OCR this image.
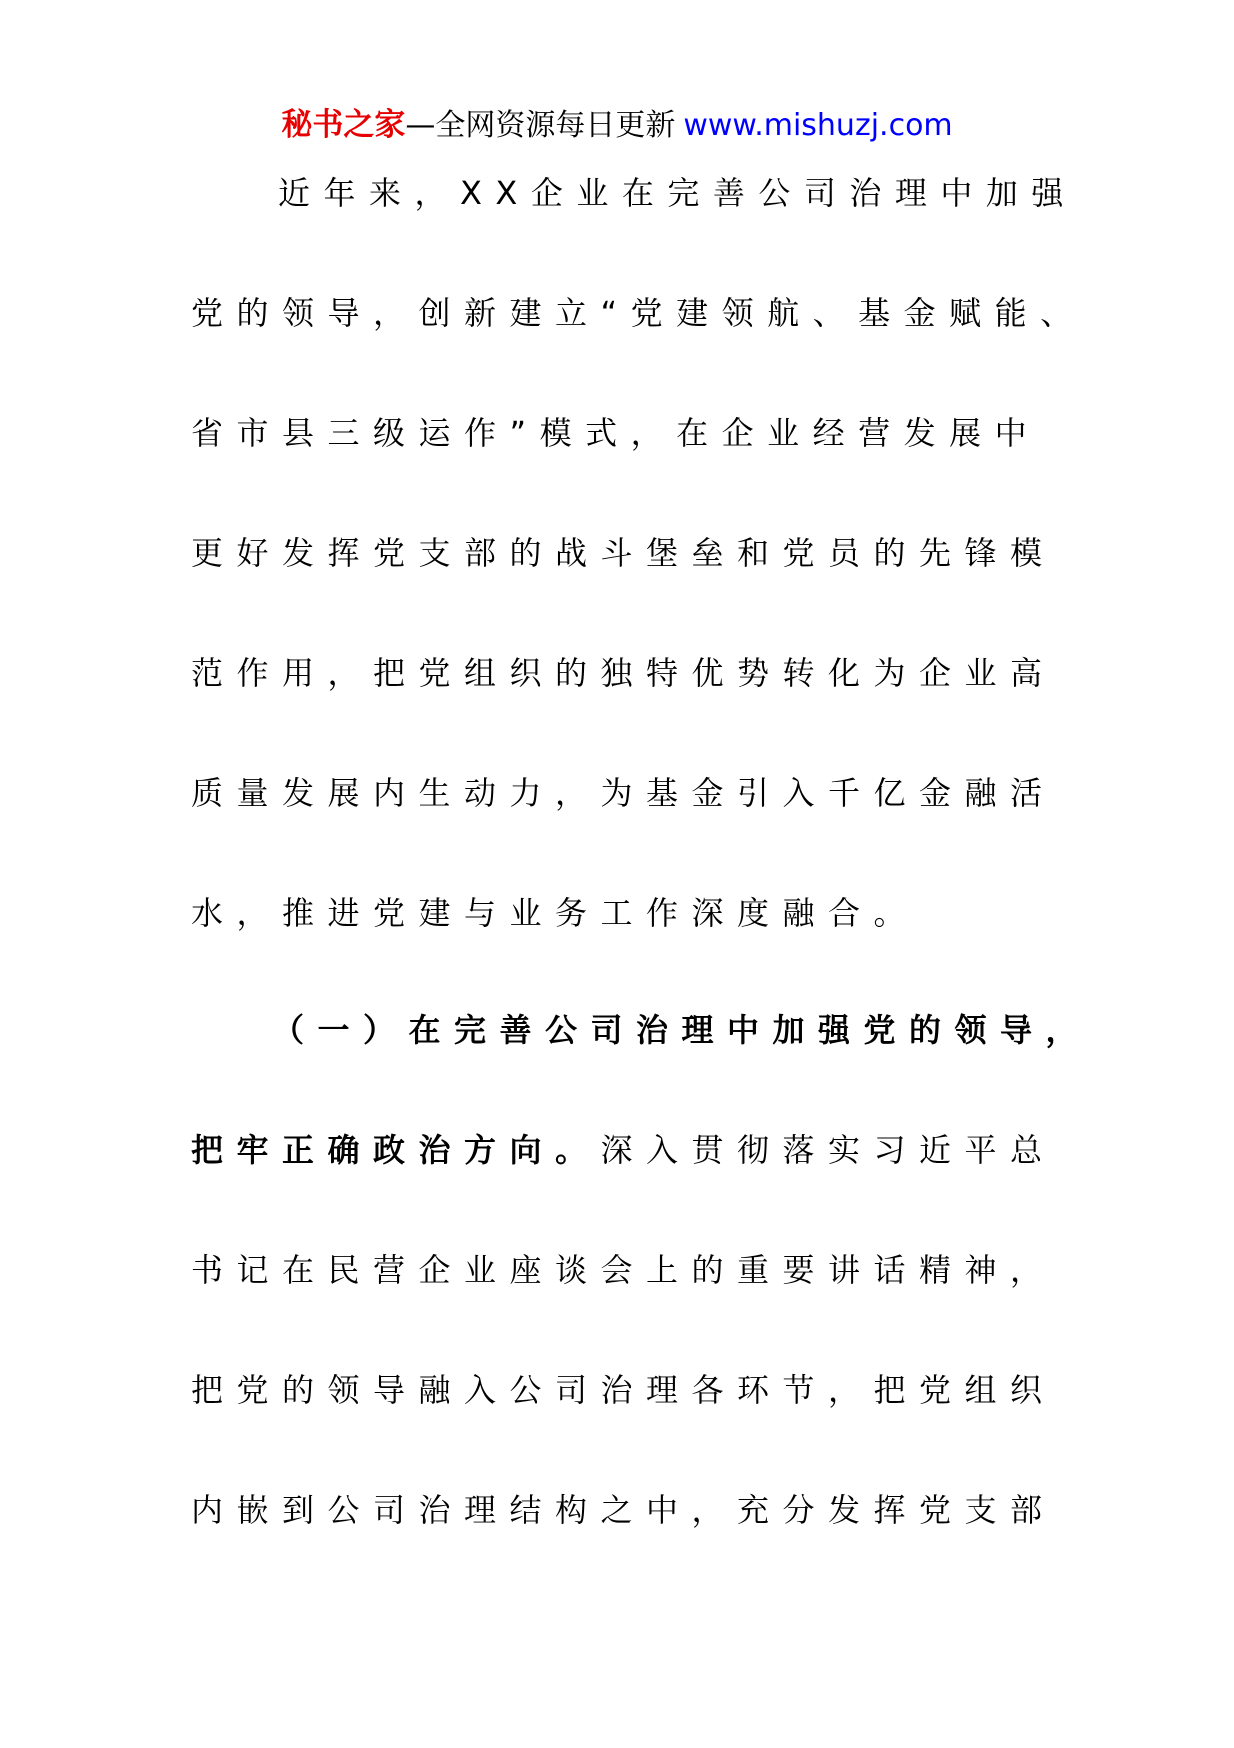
秘书之家—全网资源每日更新 www.mishuzj.com
近年来，XX企业在完善公司治理中加强
党的领导，创新建立“党建领航、基金赋能、
省市县三级运作”模式，在企业经营发展中
更好发挥党支部的战斗堡垒和党员的先锋模
范作用，把党组织的独特优势转化为企业高
质量发展内生动力，为基金引入千亿金融活
水，推进党建与业务工作深度融合。
（一）在完善公司治理中加强党的领导，
把牢正确政治方向。深入贯彻落实习近平总
书记在民营企业座谈会上的重要讲话精神，
把党的领导融入公司治理各环节，把党组织
内嵌到公司治理结构之中，充分发挥党支部
